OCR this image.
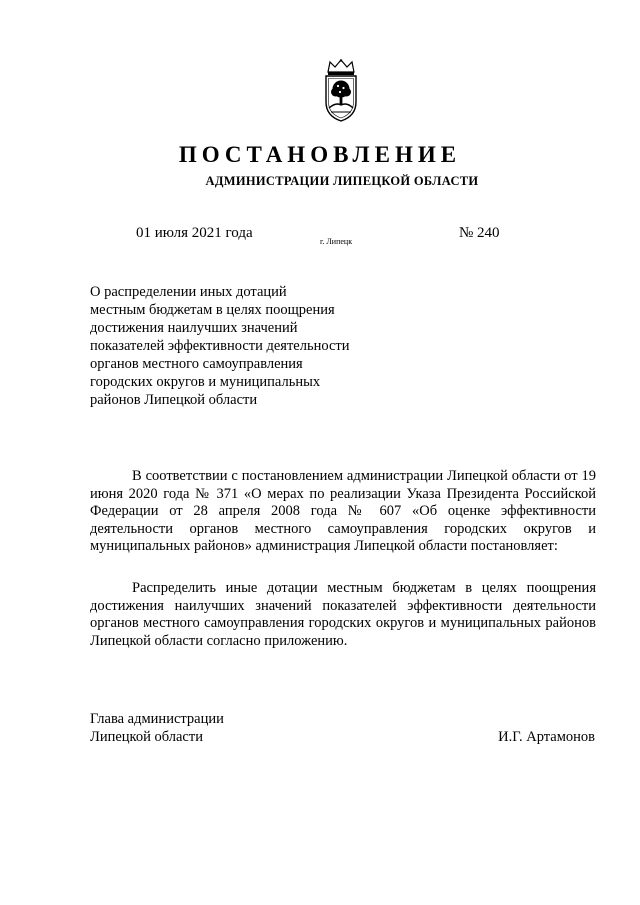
ПОСТАНОВЛЕНИЕ
АДМИНИСТРАЦИИ ЛИПЕЦКОЙ ОБЛАСТИ
01 июля 2021 года
г. Липецк
№ 240
О распределении иных дотаций
местным бюджетам в целях поощрения
достижения наилучших значений
показателей эффективности деятельности
органов местного самоуправления
городских округов и муниципальных
районов Липецкой области

В соответствии с постановлением администрации Липецкой области от 19 июня 2020 года № 371 «О мерах по реализации Указа Президента Российской Федерации от 28 апреля 2008 года № 607 «Об оценке эффективности деятельности органов местного самоуправления городских округов и муниципальных районов» администрация Липецкой области постановляет:

Распределить иные дотации местным бюджетам в целях поощрения достижения наилучших значений показателей эффективности деятельности органов местного самоуправления городских округов и муниципальных районов Липецкой области согласно приложению.

Глава администрации
Липецкой области	И.Г. Артамонов
